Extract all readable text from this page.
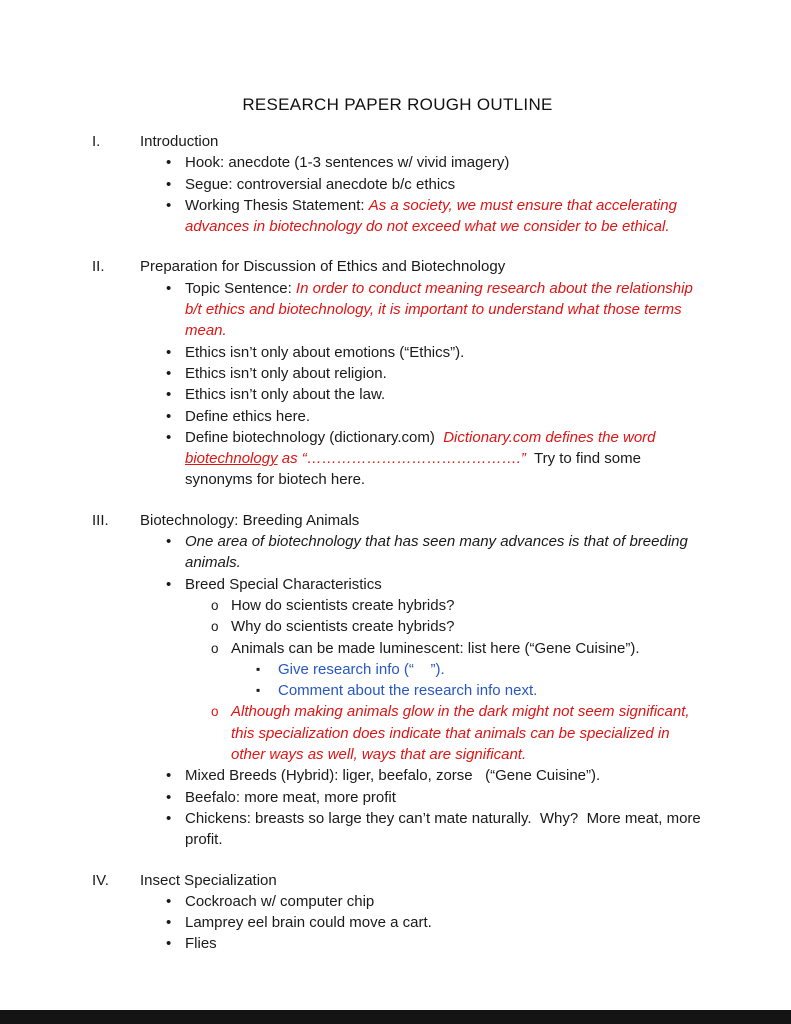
RESEARCH PAPER ROUGH OUTLINE
I.	Introduction
• Hook: anecdote (1-3 sentences w/ vivid imagery)
• Segue: controversial anecdote b/c ethics
• Working Thesis Statement: As a society, we must ensure that accelerating advances in biotechnology do not exceed what we consider to be ethical.
II.	Preparation for Discussion of Ethics and Biotechnology
• Topic Sentence: In order to conduct meaning research about the relationship b/t ethics and biotechnology, it is important to understand what those terms mean.
• Ethics isn’t only about emotions (“Ethics”).
• Ethics isn’t only about religion.
• Ethics isn’t only about the law.
• Define ethics here.
• Define biotechnology (dictionary.com)  Dictionary.com defines the word biotechnology as “…………………………………….”  Try to find some synonyms for biotech here.
III.	Biotechnology: Breeding Animals
• One area of biotechnology that has seen many advances is that of breeding animals.
• Breed Special Characteristics
o How do scientists create hybrids?
o Why do scientists create hybrids?
o Animals can be made luminescent: list here (“Gene Cuisine”).
▪	Give research info (“    ”).
▪	Comment about the research info next.
o Although making animals glow in the dark might not seem significant, this specialization does indicate that animals can be specialized in other ways as well, ways that are significant.
• Mixed Breeds (Hybrid): liger, beefalo, zorse   (“Gene Cuisine”).
• Beefalo: more meat, more profit
• Chickens: breasts so large they can’t mate naturally.  Why?  More meat, more profit.
IV.	Insect Specialization
• Cockroach w/ computer chip
• Lamprey eel brain could move a cart.
• Flies
